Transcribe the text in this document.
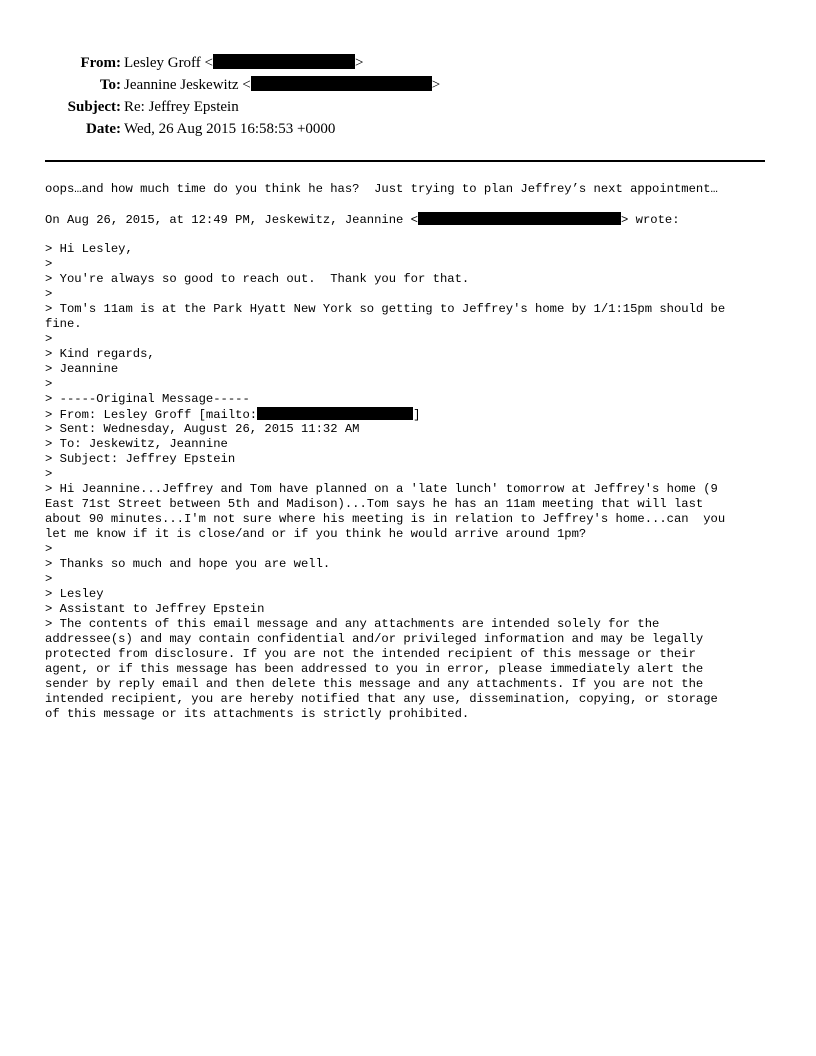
From: Lesley Groff <	>
To: Jeannine Jeskewitz <	>
Subject: Re: Jeffrey Epstein
Date: Wed, 26 Aug 2015 16:58:53 +0000
oops…and how much time do you think he has?  Just trying to plan Jeffrey’s next appointment…
On Aug 26, 2015, at 12:49 PM, Jeskewitz, Jeannine <	> wrote:
> Hi Lesley,
>
> You're always so good to reach out.  Thank you for that.
>
> Tom's 11am is at the Park Hyatt New York so getting to Jeffrey's home by 1/1:15pm should be
fine.
>
> Kind regards,
> Jeannine
>
> -----Original Message-----
> From: Lesley Groff [mailto:	]
> Sent: Wednesday, August 26, 2015 11:32 AM
> To: Jeskewitz, Jeannine
> Subject: Jeffrey Epstein
>
> Hi Jeannine...Jeffrey and Tom have planned on a 'late lunch' tomorrow at Jeffrey's home (9
East 71st Street between 5th and Madison)...Tom says he has an 11am meeting that will last
about 90 minutes...I'm not sure where his meeting is in relation to Jeffrey's home...can  you
let me know if it is close/and or if you think he would arrive around 1pm?
>
> Thanks so much and hope you are well.
>
> Lesley
> Assistant to Jeffrey Epstein
> The contents of this email message and any attachments are intended solely for the
addressee(s) and may contain confidential and/or privileged information and may be legally
protected from disclosure. If you are not the intended recipient of this message or their
agent, or if this message has been addressed to you in error, please immediately alert the
sender by reply email and then delete this message and any attachments. If you are not the
intended recipient, you are hereby notified that any use, dissemination, copying, or storage
of this message or its attachments is strictly prohibited.
